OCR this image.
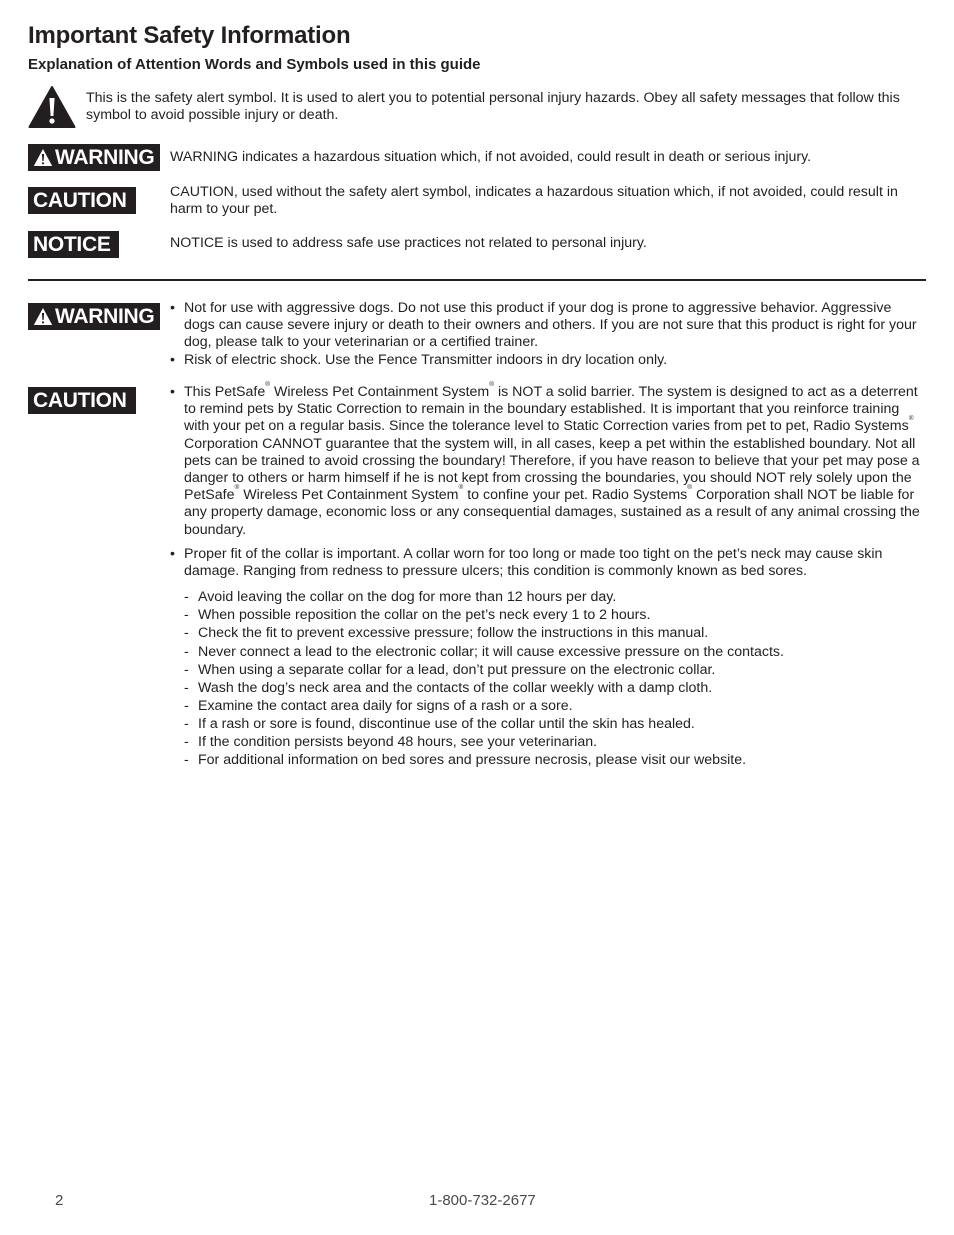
Important Safety Information
Explanation of Attention Words and Symbols used in this guide
This is the safety alert symbol. It is used to alert you to potential personal injury hazards. Obey all safety messages that follow this symbol to avoid possible injury or death.
WARNING WARNING indicates a hazardous situation which, if not avoided, could result in death or serious injury.
CAUTION	CAUTION, used without the safety alert symbol, indicates a hazardous situation which, if not avoided, could result in harm to your pet.
NOTICE	NOTICE is used to address safe use practices not related to personal injury.
WARNING	• Not for use with aggressive dogs. Do not use this product if your dog is prone to aggressive behavior. Aggressive dogs can cause severe injury or death to their owners and others. If you are not sure that this product is right for your dog, please talk to your veterinarian or a certified trainer.
• Risk of electric shock. Use the Fence Transmitter indoors in dry location only.
CAUTION	• This PetSafe® Wireless Pet Containment System® is NOT a solid barrier. The system is designed to act as a deterrent to remind pets by Static Correction to remain in the boundary established. It is important that you reinforce training with your pet on a regular basis. Since the tolerance level to Static Correction varies from pet to pet, Radio Systems® Corporation CANNOT guarantee that the system will, in all cases, keep a pet within the established boundary. Not all pets can be trained to avoid crossing the boundary! Therefore, if you have reason to believe that your pet may pose a danger to others or harm himself if he is not kept from crossing the boundaries, you should NOT rely solely upon the PetSafe® Wireless Pet Containment System® to confine your pet. Radio Systems® Corporation shall NOT be liable for any property damage, economic loss or any consequential damages, sustained as a result of any animal crossing the boundary.
• Proper fit of the collar is important. A collar worn for too long or made too tight on the pet’s neck may cause skin damage. Ranging from redness to pressure ulcers; this condition is commonly known as bed sores.
- Avoid leaving the collar on the dog for more than 12 hours per day.
- When possible reposition the collar on the pet’s neck every 1 to 2 hours.
- Check the fit to prevent excessive pressure; follow the instructions in this manual.
- Never connect a lead to the electronic collar; it will cause excessive pressure on the contacts.
- When using a separate collar for a lead, don’t put pressure on the electronic collar.
- Wash the dog’s neck area and the contacts of the collar weekly with a damp cloth.
- Examine the contact area daily for signs of a rash or a sore.
- If a rash or sore is found, discontinue use of the collar until the skin has healed.
- If the condition persists beyond 48 hours, see your veterinarian.
- For additional information on bed sores and pressure necrosis, please visit our website.
2	1-800-732-2677
